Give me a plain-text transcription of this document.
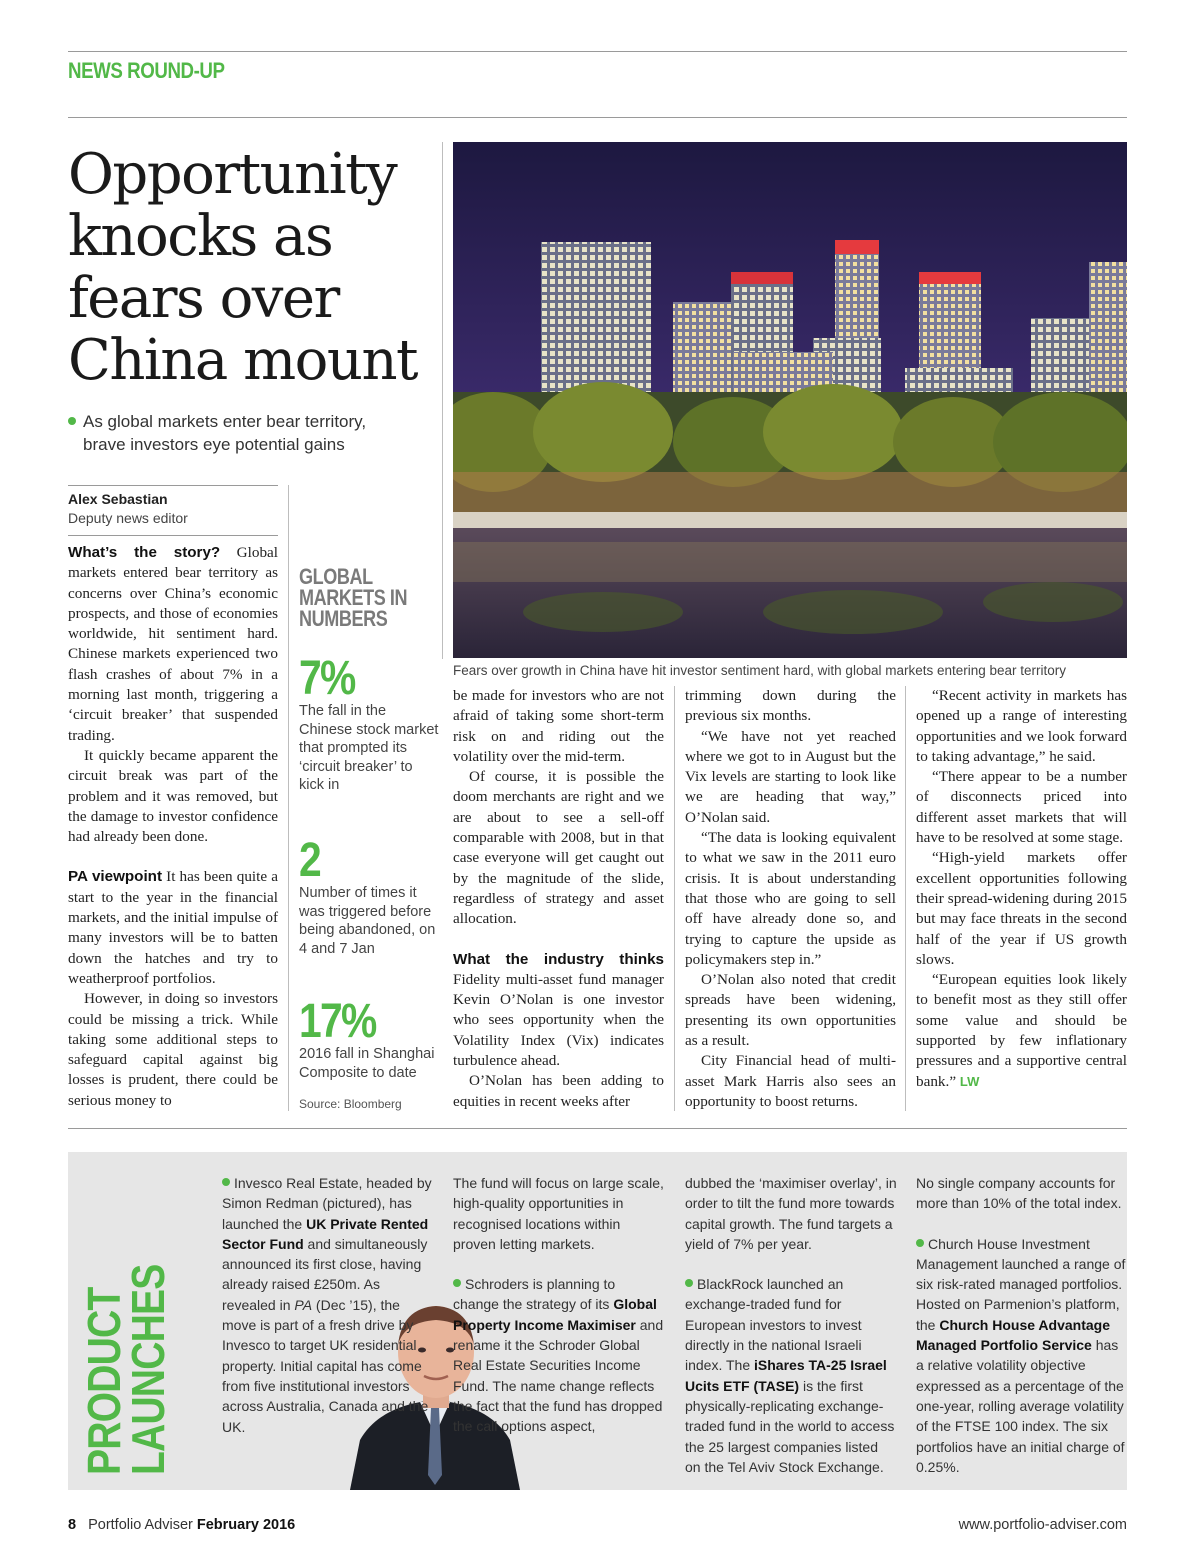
NEWS ROUND-UP
Opportunity knocks as fears over China mount
As global markets enter bear territory, brave investors eye potential gains
Alex Sebastian
Deputy news editor

What’s the story? Global markets entered bear territory as concerns over China’s economic prospects, and those of economies worldwide, hit sentiment hard. Chinese markets experienced two flash crashes of about 7% in a morning last month, triggering a ‘circuit breaker’ that suspended trading.

It quickly became apparent the circuit break was part of the problem and it was removed, but the damage to investor confidence had already been done.

PA viewpoint It has been quite a start to the year in the financial markets, and the initial impulse of many investors will be to batten down the hatches and try to weatherproof portfolios.

However, in doing so investors could be missing a trick. While taking some additional steps to safeguard capital against big losses is prudent, there could be serious money to

GLOBAL MARKETS IN NUMBERS
7%
The fall in the Chinese stock market that prompted its ‘circuit breaker’ to kick in
2
Number of times it was triggered before being abandoned, on 4 and 7 Jan
17%
2016 fall in Shanghai Composite to date
Source: Bloomberg
Fears over growth in China have hit investor sentiment hard, with global markets entering bear territory

be made for investors who are not afraid of taking some short-term risk on and riding out the volatility over the mid-term.

Of course, it is possible the doom merchants are right and we are about to see a sell-off comparable with 2008, but in that case everyone will get caught out by the magnitude of the slide, regardless of strategy and asset allocation.

What the industry thinks Fidelity multi-asset fund manager Kevin O’Nolan is one investor who sees opportunity when the Volatility Index (Vix) indicates turbulence ahead.

O’Nolan has been adding to equities in recent weeks after

trimming down during the previous six months.

“We have not yet reached where we got to in August but the Vix levels are starting to look like we are heading that way,” O’Nolan said.

“The data is looking equivalent to what we saw in the 2011 euro crisis. It is about understanding that those who are going to sell off have already done so, and trying to capture the upside as policymakers step in.”

O’Nolan also noted that credit spreads have been widening, presenting its own opportunities as a result.

City Financial head of multi-asset Mark Harris also sees an opportunity to boost returns.

“Recent activity in markets has opened up a range of interesting opportunities and we look forward to taking advantage,” he said.

“There appear to be a number of disconnects priced into different asset markets that will have to be resolved at some stage.

“High-yield markets offer excellent opportunities following their spread-widening during 2015 but may face threats in the second half of the year if US growth slows.

“European equities look likely to benefit most as they still offer some value and should be supported by few inflationary pressures and a supportive central bank.” LW

PRODUCT
LAUNCHES

Invesco Real Estate, headed by Simon Redman (pictured), has launched the UK Private Rented Sector Fund and simultaneously announced its first close, having already raised £250m. As revealed in PA (Dec ’15), the move is part of a fresh drive by Invesco to target UK residential property. Initial capital has come from five institutional investors across Australia, Canada and the UK.

The fund will focus on large scale, high-quality opportunities in recognised locations within proven letting markets.

Schroders is planning to change the strategy of its Global Property Income Maximiser and rename it the Schroder Global Real Estate Securities Income Fund. The name change reflects the fact that the fund has dropped the call options aspect,

dubbed the ‘maximiser overlay’, in order to tilt the fund more towards capital growth. The fund targets a yield of 7% per year.

BlackRock launched an exchange-traded fund for European investors to invest directly in the national Israeli index. The iShares TA-25 Israel Ucits ETF (TASE) is the first physically-replicating exchange-traded fund in the world to access the 25 largest companies listed on the Tel Aviv Stock Exchange.

No single company accounts for more than 10% of the total index.

Church House Investment Management launched a range of six risk-rated managed portfolios. Hosted on Parmenion’s platform, the Church House Advantage Managed Portfolio Service has a relative volatility objective expressed as a percentage of the one-year, rolling average volatility of the FTSE 100 index. The six portfolios have an initial charge of 0.25%.

8 Portfolio Adviser February 2016	www.portfolio-adviser.com
